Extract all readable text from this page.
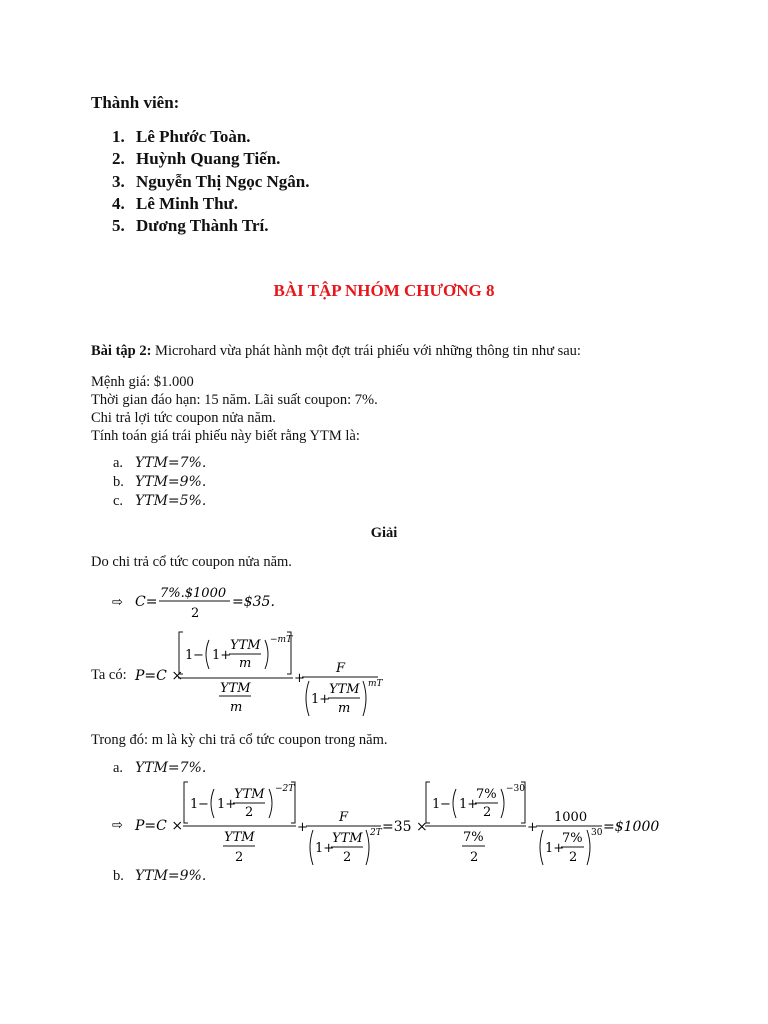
Thành viên:
1. Lê Phước Toàn.
2. Huỳnh Quang Tiến.
3. Nguyễn Thị Ngọc Ngân.
4. Lê Minh Thư.
5. Dương Thành Trí.
BÀI TẬP NHÓM CHƯƠNG 8
Bài tập 2: Microhard vừa phát hành một đợt trái phiếu với những thông tin như sau:
Mệnh giá: $1.000
Thời gian đáo hạn: 15 năm. Lãi suất coupon: 7%.
Chi trả lợi tức coupon nửa năm.
Tính toán giá trái phiếu này biết rằng YTM là:
a. YTM=7%.
b. YTM=9%.
c. YTM=5%.
Giải
Do chi trả cổ tức coupon nửa năm.
⇨ C=
7%.$1000
2
=$35.
Ta có: P=C ×
1 − 1+
YTM
m
−mT
YTM
m
+
F
1+
YTM
m
mT
Trong đó: m là kỳ chi trả cổ tức coupon trong năm.
a. YTM=7%.
⇨ P=C ×
1 − 1+
YTM
2
−2T
YTM
2
+
F
1+
YTM
2
2T =35 ×
1 − 1+
7%
2
−30
7%
2
+
1000
1+
7%
2
30 =$1000
b. YTM=9%.
